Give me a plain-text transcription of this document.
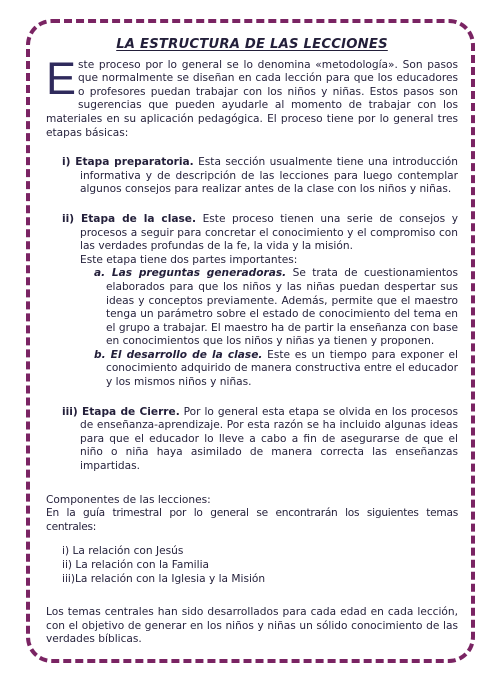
LA ESTRUCTURA DE LAS LECCIONES

Este proceso por lo general se lo denomina «metodología». Son pasos que normalmente se diseñan en cada lección para que los educadores o profesores puedan trabajar con los niños y niñas. Estos pasos son sugerencias que pueden ayudarle al momento de trabajar con los materiales en su aplicación pedagógica. El proceso tiene por lo general tres etapas básicas:

i) Etapa preparatoria. Esta sección usualmente tiene una introducción informativa y de descripción de las lecciones para luego contemplar algunos consejos para realizar antes de la clase con los niños y niñas.

ii) Etapa de la clase. Este proceso tienen una serie de consejos y procesos a seguir para concretar el conocimiento y el compromiso con las verdades profundas de la fe, la vida y la misión.

Este etapa tiene dos partes importantes:

a. Las preguntas generadoras. Se trata de cuestionamientos elaborados para que los niños y las niñas puedan despertar sus ideas y conceptos previamente. Además, permite que el maestro tenga un parámetro sobre el estado de conocimiento del tema en el grupo a trabajar. El maestro ha de partir la enseñanza con base en conocimientos que los niños y niñas ya tienen y proponen.

b. El desarrollo de la clase. Este es un tiempo para exponer el conocimiento adquirido de manera constructiva entre el educador y los mismos niños y niñas.

iii) Etapa de Cierre. Por lo general esta etapa se olvida en los procesos de enseñanza-aprendizaje. Por esta razón se ha incluido algunas ideas para que el educador lo lleve a cabo a fin de asegurarse de que el niño o niña haya asimilado de manera correcta las enseñanzas impartidas.

Componentes de las lecciones:

En la guía trimestral por lo general se encontrarán los siguientes temas centrales:

i) La relación con Jesús

ii) La relación con la Familia

iii)La relación con la Iglesia y la Misión

Los temas centrales han sido desarrollados para cada edad en cada lección, con el objetivo de generar en los niños y niñas un sólido conocimiento de las verdades bíblicas.
